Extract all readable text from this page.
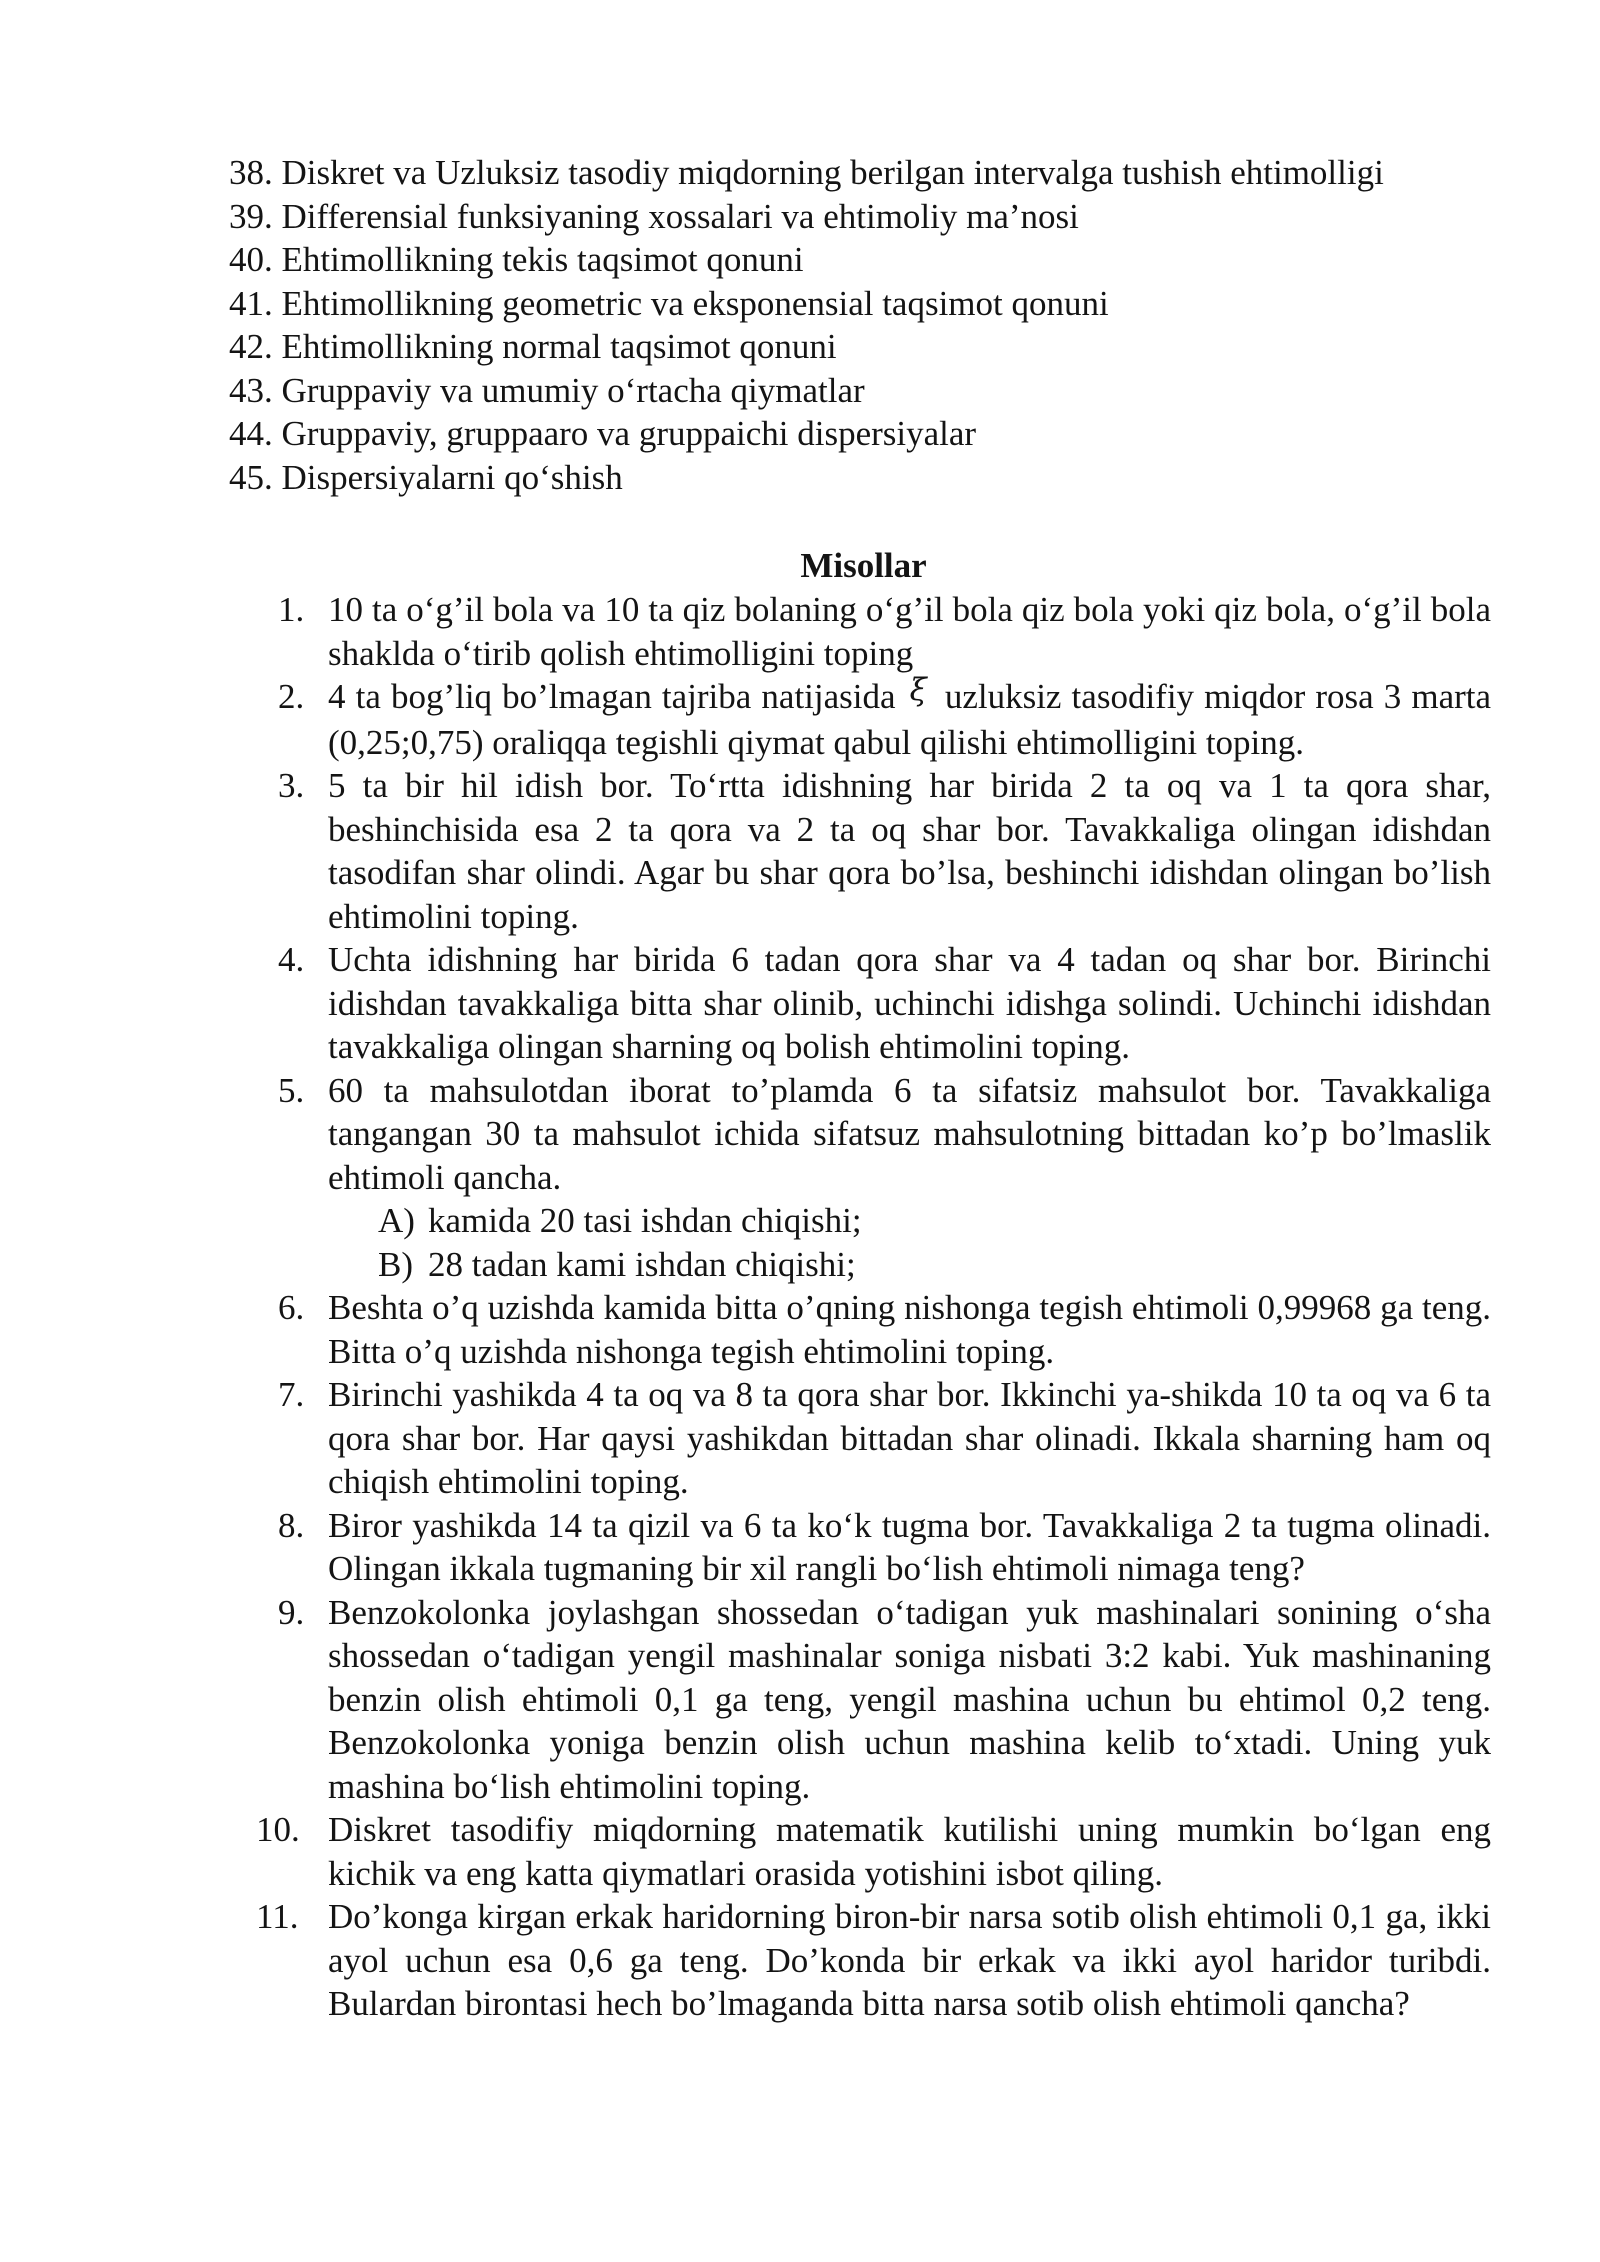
38. Diskret va Uzluksiz tasodiy miqdorning berilgan intervalga tushish ehtimolligi
39. Differensial funksiyaning xossalari va ehtimoliy ma’nosi
40. Ehtimollikning tekis taqsimot qonuni
41. Ehtimollikning geometric va eksponensial taqsimot qonuni
42. Ehtimollikning normal taqsimot qonuni
43. Gruppaviy va umumiy o‘rtacha qiymatlar
44. Gruppaviy, gruppaaro va gruppaichi dispersiyalar
45. Dispersiyalarni qo‘shish
Misollar
1. 10 ta o‘g’il bola va 10 ta qiz bolaning o‘g’il bola qiz bola yoki qiz bola, o‘g’il bola shaklda o‘tirib qolish ehtimolligini toping
2. 4 ta bog’liq bo’lmagan tajriba natijasida ξ uzluksiz tasodifiy miqdor rosa 3 marta (0,25;0,75) oraliqqa tegishli qiymat qabul qilishi ehtimolligini toping.
3. 5 ta bir hil idish bor. To‘rtta idishning har birida 2 ta oq va 1 ta qora shar, beshinchisida esa 2 ta qora va 2 ta oq shar bor. Tavakkaliga olingan idishdan tasodifan shar olindi. Agar bu shar qora bo’lsa, beshinchi idishdan olingan bo’lish ehtimolini toping.
4. Uchta idishning har birida 6 tadan qora shar va 4 tadan oq shar bor. Birinchi idishdan tavakkaliga bitta shar olinib, uchinchi idishga solindi. Uchinchi idishdan tavakkaliga olingan sharning oq bolish ehtimolini toping.
5. 60 ta mahsulotdan iborat to’plamda 6 ta sifatsiz mahsulot bor. Tavakkaliga tangangan 30 ta mahsulot ichida sifatsuz mahsulotning bittadan ko’p bo’lmaslik ehtimoli qancha.
A) kamida 20 tasi ishdan chiqishi;
B) 28 tadan kami ishdan chiqishi;
6. Beshta o’q uzishda kamida bitta o’qning nishonga tegish ehtimoli 0,99968 ga teng. Bitta o’q uzishda nishonga tegish ehtimolini toping.
7. Birinchi yashikda 4 ta oq va 8 ta qora shar bor. Ikkinchi ya-shikda 10 ta oq va 6 ta qora shar bor. Har qaysi yashikdan bittadan shar olinadi. Ikkala sharning ham oq chiqish ehtimolini toping.
8. Biror yashikda 14 ta qizil va 6 ta ko‘k tugma bor. Tavakkaliga 2 ta tugma olinadi. Olingan ikkala tugmaning bir xil rangli bo‘lish ehtimoli nimaga teng?
9. Benzokolonka joylashgan shossedan o‘tadigan yuk mashinalari sonining o‘sha shossedan o‘tadigan yengil mashinalar soniga nisbati 3:2 kabi. Yuk mashinaning benzin olish ehtimoli 0,1 ga teng, yengil mashina uchun bu ehtimol 0,2 teng. Benzokolonka yoniga benzin olish uchun mashina kelib to‘xtadi. Uning yuk mashina bo‘lish ehtimolini toping.
10. Diskret tasodifiy miqdorning matematik kutilishi uning mumkin bo‘lgan eng kichik va eng katta qiymatlari orasida yotishini isbot qiling.
11. Do’konga kirgan erkak haridorning biron-bir narsa sotib olish ehtimoli 0,1 ga, ikki ayol uchun esa 0,6 ga teng. Do’konda bir erkak va ikki ayol haridor turibdi. Bulardan birontasi hech bo’lmaganda bitta narsa sotib olish ehtimoli qancha?
